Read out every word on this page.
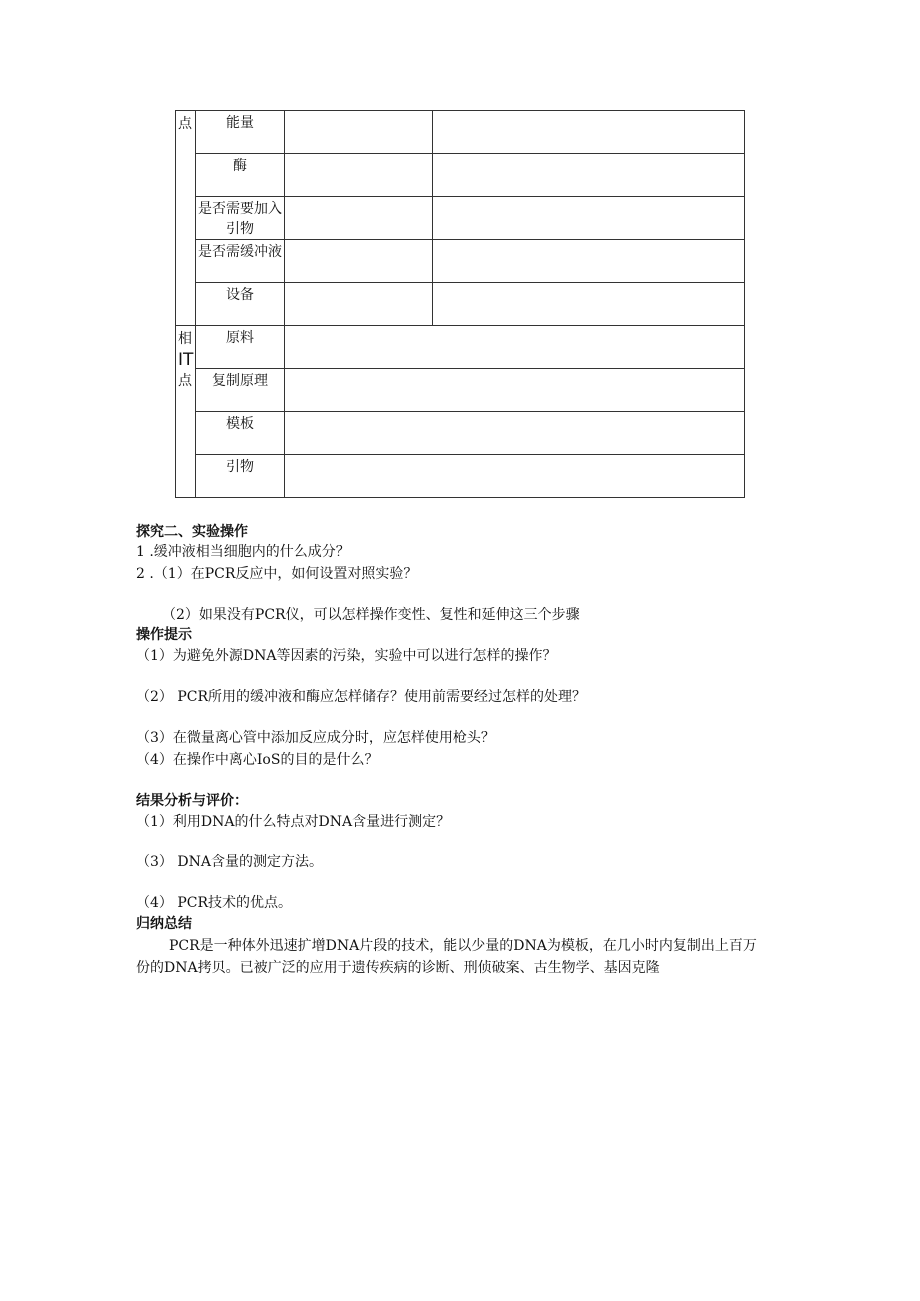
点	能量		
	酶		
	是否需要加入引物		
	是否需缓冲液		
	设备		

相
IT
点	原料		
	复制原理		
	模板		
	引物		
探究二、实验操作
1 .缓冲液相当细胞内的什么成分？
2 .（1）在PCR反应中，如何设置对照实验？
（2）如果没有PCR仪，可以怎样操作变性、复性和延伸这三个步骤
操作提示
（1）为避免外源DNA等因素的污染，实验中可以进行怎样的操作？
（2） PCR所用的缓冲液和酶应怎样储存？使用前需要经过怎样的处理？
（3）在微量离心管中添加反应成分时，应怎样使用枪头？
（4）在操作中离心IoS的目的是什么？
结果分析与评价：
（1）利用DNA的什么特点对DNA含量进行测定？
（3） DNA含量的测定方法。
（4） PCR技术的优点。
归纳总结
PCR是一种体外迅速扩增DNA片段的技术，能以少量的DNA为模板，在几小时内复制出上百万份的DNA拷贝。已被广泛的应用于遗传疾病的诊断、刑侦破案、古生物学、基因克隆
